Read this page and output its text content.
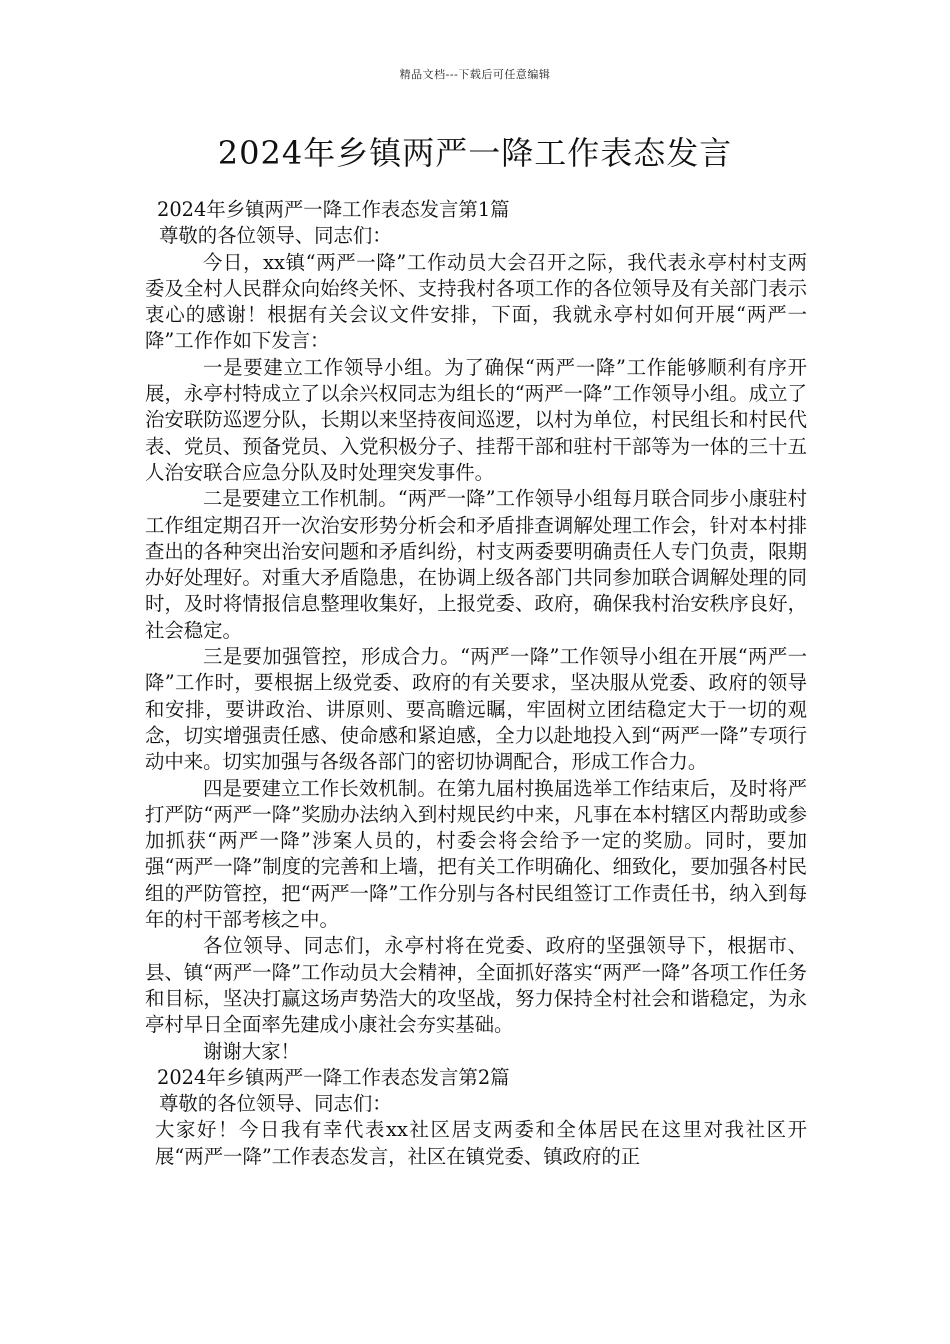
精品文档---下载后可任意编辑
2024年乡镇两严一降工作表态发言

2024年乡镇两严一降工作表态发言第1篇

尊敬的各位领导、同志们：

今日，xx镇“两严一降”工作动员大会召开之际，我代表永亭村村支两委及全村人民群众向始终关怀、支持我村各项工作的各位领导及有关部门表示衷心的感谢！根据有关会议文件安排，下面，我就永亭村如何开展“两严一降”工作作如下发言：

一是要建立工作领导小组。为了确保“两严一降”工作能够顺利有序开展，永亭村特成立了以余兴权同志为组长的“两严一降”工作领导小组。成立了治安联防巡逻分队，长期以来坚持夜间巡逻，以村为单位，村民组长和村民代表、党员、预备党员、入党积极分子、挂帮干部和驻村干部等为一体的三十五人治安联合应急分队及时处理突发事件。

二是要建立工作机制。“两严一降”工作领导小组每月联合同步小康驻村工作组定期召开一次治安形势分析会和矛盾排查调解处理工作会，针对本村排查出的各种突出治安问题和矛盾纠纷，村支两委要明确责任人专门负责，限期办好处理好。对重大矛盾隐患，在协调上级各部门共同参加联合调解处理的同时，及时将情报信息整理收集好，上报党委、政府，确保我村治安秩序良好，社会稳定。

三是要加强管控，形成合力。“两严一降”工作领导小组在开展“两严一降”工作时，要根据上级党委、政府的有关要求，坚决服从党委、政府的领导和安排，要讲政治、讲原则、要高瞻远瞩，牢固树立团结稳定大于一切的观念，切实增强责任感、使命感和紧迫感，全力以赴地投入到“两严一降”专项行动中来。切实加强与各级各部门的密切协调配合，形成工作合力。

四是要建立工作长效机制。在第九届村换届选举工作结束后，及时将严打严防“两严一降”奖励办法纳入到村规民约中来，凡事在本村辖区内帮助或参加抓获“两严一降”涉案人员的，村委会将会给予一定的奖励。同时，要加强“两严一降”制度的完善和上墙，把有关工作明确化、细致化，要加强各村民组的严防管控，把“两严一降”工作分别与各村民组签订工作责任书，纳入到每年的村干部考核之中。

各位领导、同志们，永亭村将在党委、政府的坚强领导下，根据市、县、镇“两严一降”工作动员大会精神，全面抓好落实“两严一降”各项工作任务和目标，坚决打赢这场声势浩大的攻坚战，努力保持全村社会和谐稳定，为永亭村早日全面率先建成小康社会夯实基础。

谢谢大家！

2024年乡镇两严一降工作表态发言第2篇

尊敬的各位领导、同志们：

大家好！今日我有幸代表xx社区居支两委和全体居民在这里对我社区开展“两严一降”工作表态发言，社区在镇党委、镇政府的正
